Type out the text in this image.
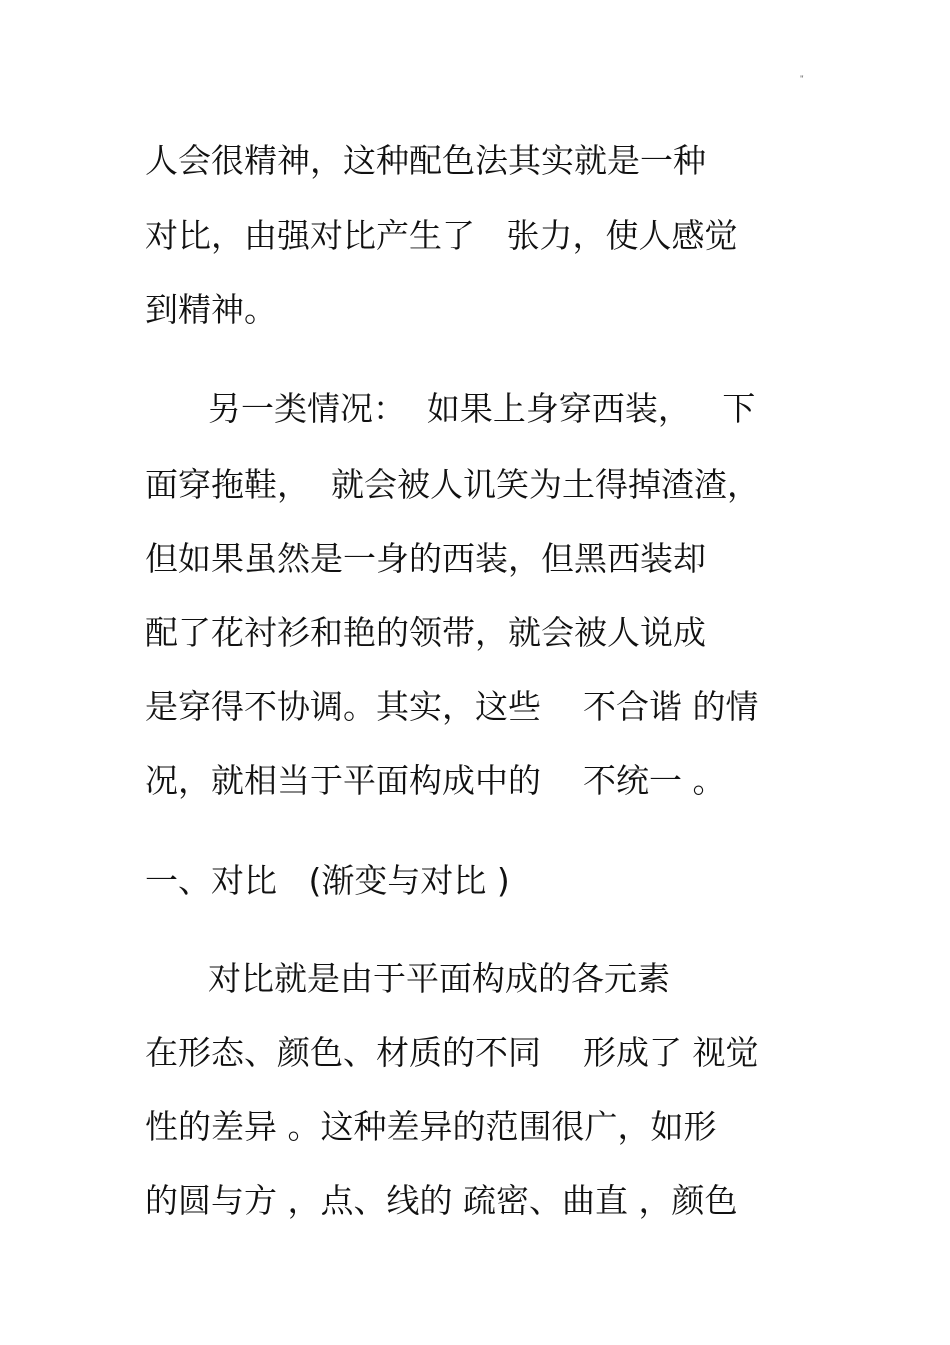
"
人会很精神，这种配色法其实就是一种
对比，由强对比产生了   张力，使人感觉
到精神。
另一类情况：  如果上身穿西装，   下
面穿拖鞋，  就会被人讥笑为土得掉渣渣，
但如果虽然是一身的西装，但黑西装却
配了花衬衫和艳的领带，就会被人说成
是穿得不协调。其实，这些    不合谐 的情
况，就相当于平面构成中的    不统一 。
一、对比   (渐变与对比 )
对比就是由于平面构成的各元素
在形态、颜色、材质的不同    形成了 视觉
性的差异 。这种差异的范围很广，如形
的圆与方 ，点、线的 疏密、曲直 ，颜色
